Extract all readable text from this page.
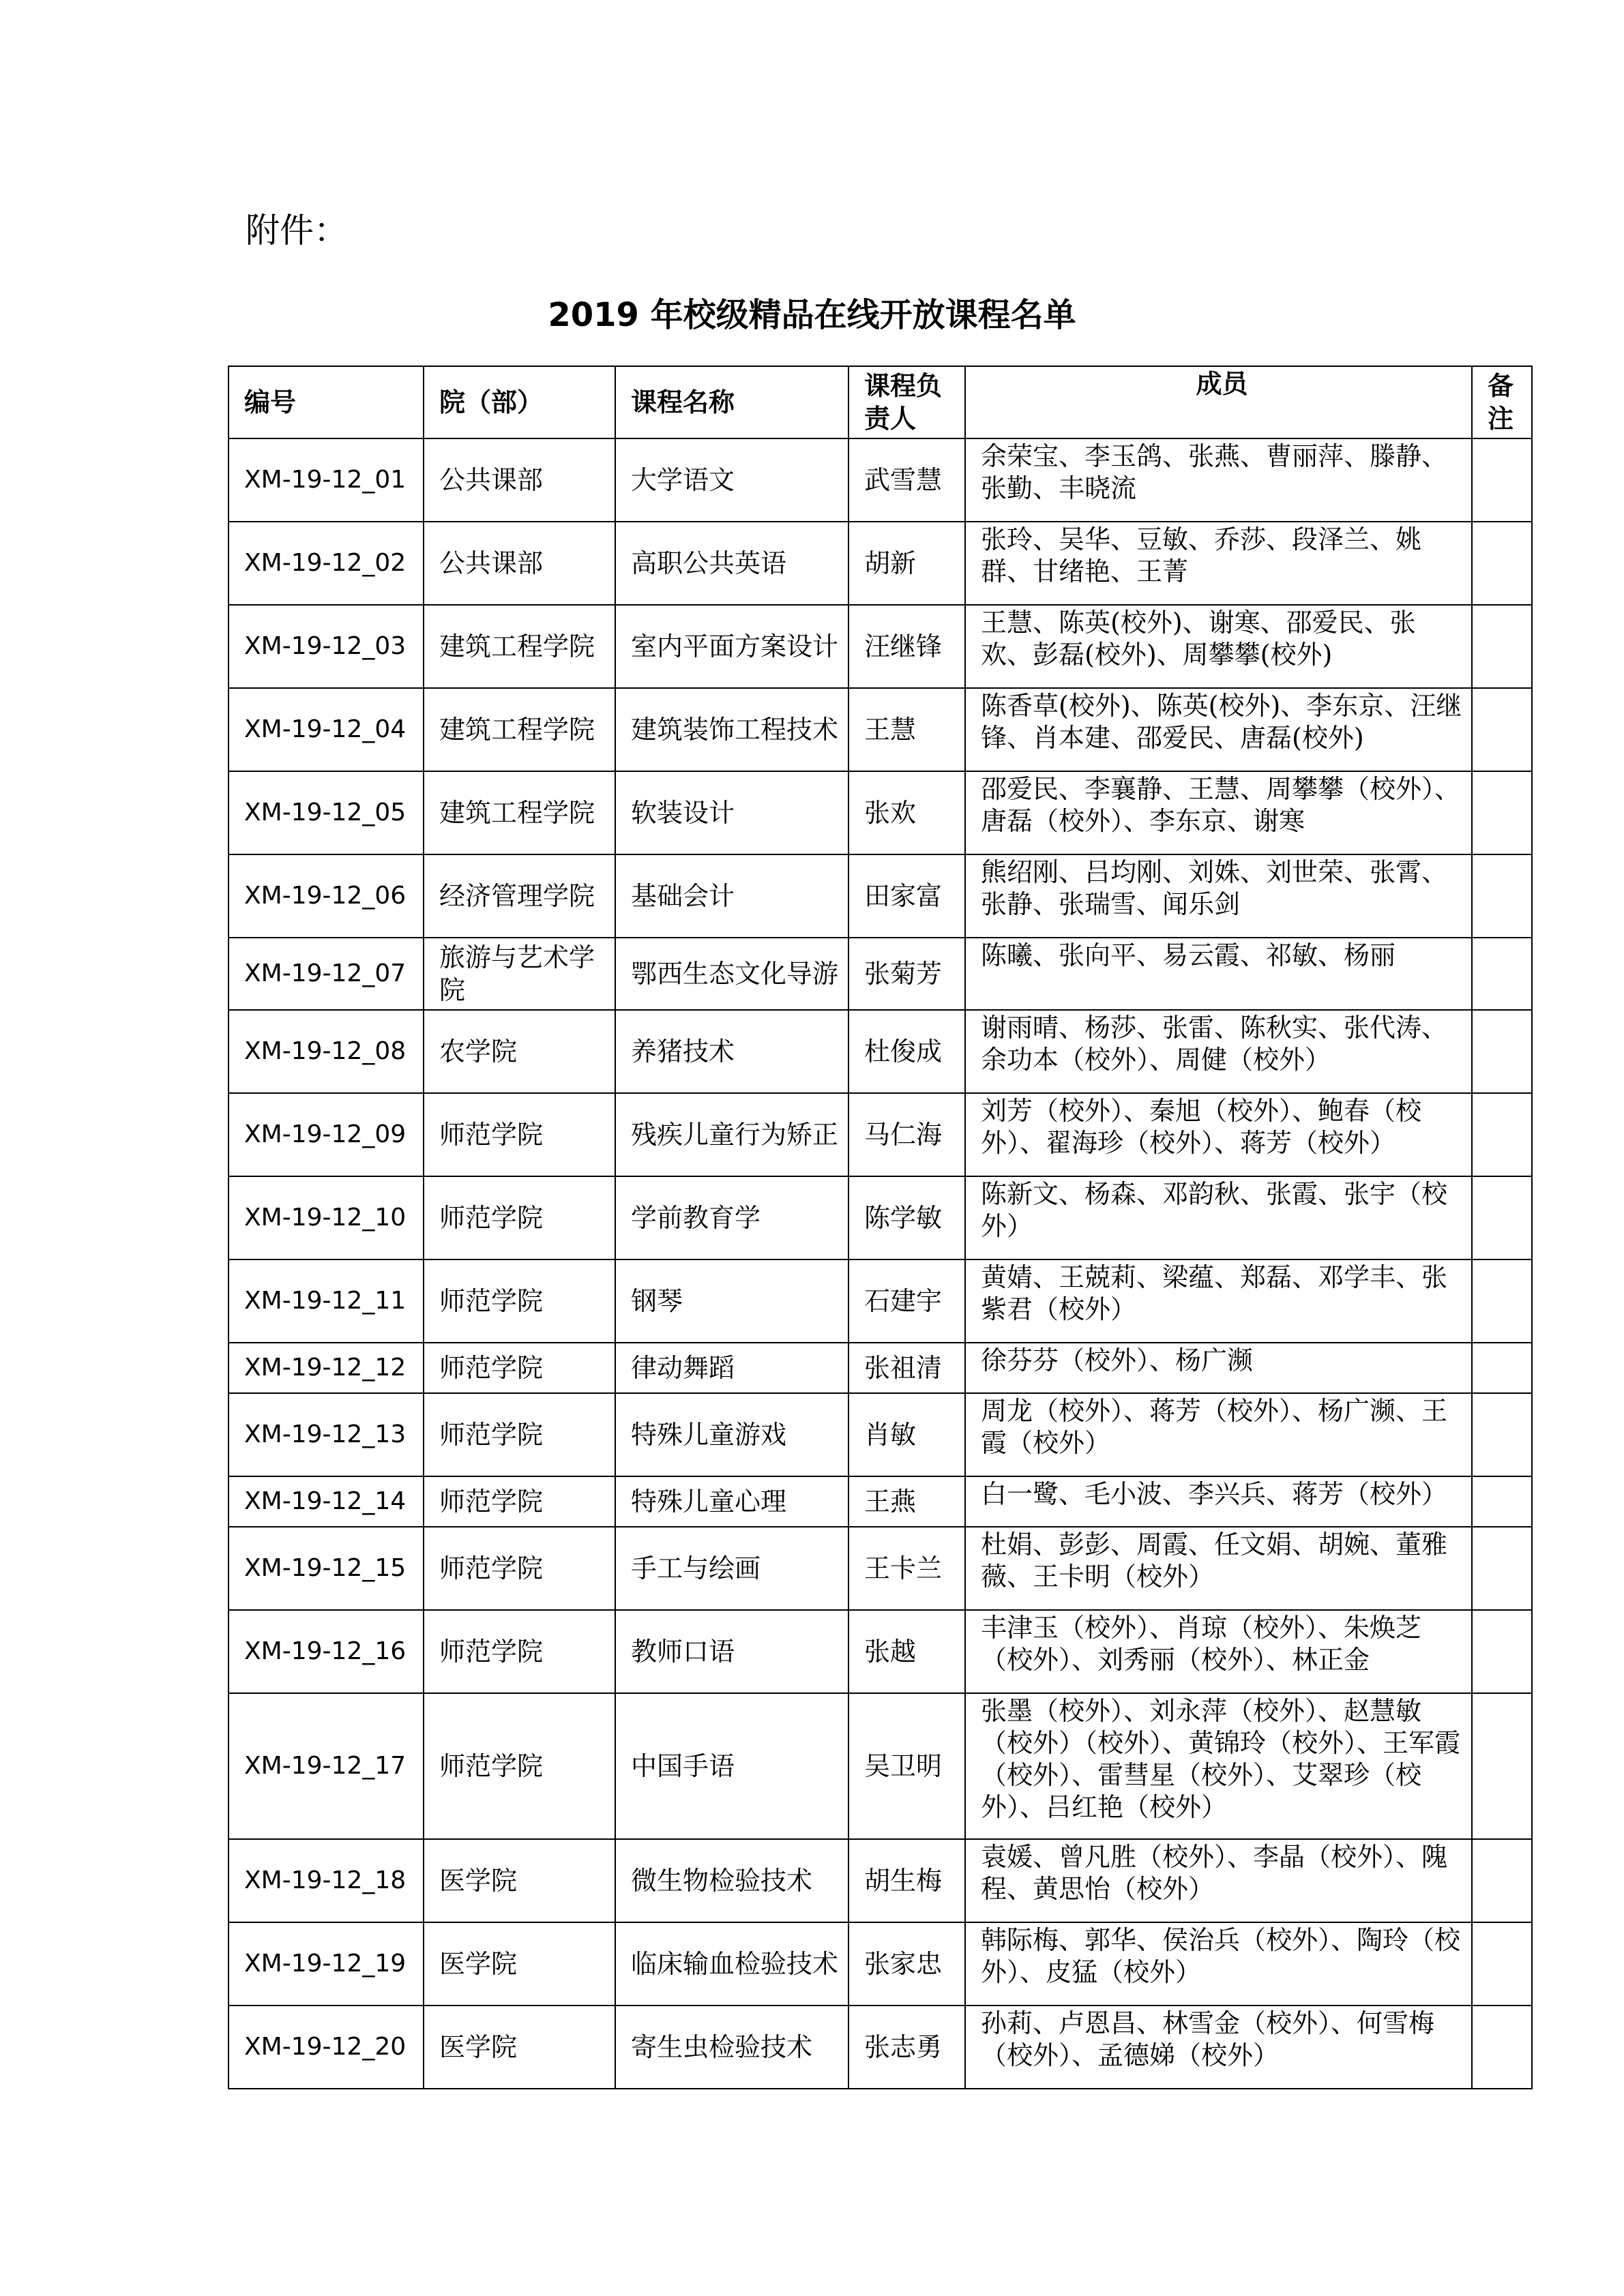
附件：
2019 年校级精品在线开放课程名单
编号	院（部）	课程名称	课程负责人	成员	备注
XM-19-12_01	公共课部	大学语文	武雪慧	余荣宝、李玉鸽、张燕、曹丽萍、滕静、张勤、丰晓流	
XM-19-12_02	公共课部	高职公共英语	胡新	张玲、吴华、豆敏、乔莎、段泽兰、姚群、甘绪艳、王菁	
XM-19-12_03	建筑工程学院	室内平面方案设计	汪继锋	王慧、陈英(校外)、谢寒、邵爱民、张欢、彭磊(校外)、周攀攀(校外)	
XM-19-12_04	建筑工程学院	建筑装饰工程技术	王慧	陈香草(校外)、陈英(校外)、李东京、汪继锋、肖本建、邵爱民、唐磊(校外)	
XM-19-12_05	建筑工程学院	软装设计	张欢	邵爱民、李襄静、王慧、周攀攀（校外）、唐磊（校外）、李东京、谢寒	
XM-19-12_06	经济管理学院	基础会计	田家富	熊绍刚、吕均刚、刘姝、刘世荣、张霄、张静、张瑞雪、闻乐剑	
XM-19-12_07	旅游与艺术学院	鄂西生态文化导游	张菊芳	陈曦、张向平、易云霞、祁敏、杨丽	
XM-19-12_08	农学院	养猪技术	杜俊成	谢雨晴、杨莎、张雷、陈秋实、张代涛、余功本（校外）、周健（校外）	
XM-19-12_09	师范学院	残疾儿童行为矫正	马仁海	刘芳（校外）、秦旭（校外）、鲍春（校外）、翟海珍（校外）、蒋芳（校外）	
XM-19-12_10	师范学院	学前教育学	陈学敏	陈新文、杨森、邓韵秋、张霞、张宇（校外）	
XM-19-12_11	师范学院	钢琴	石建宇	黄婧、王兢莉、梁蕴、郑磊、邓学丰、张紫君（校外）	
XM-19-12_12	师范学院	律动舞蹈	张祖清	徐芬芬（校外）、杨广濒	
XM-19-12_13	师范学院	特殊儿童游戏	肖敏	周龙（校外）、蒋芳（校外）、杨广濒、王霞（校外）	
XM-19-12_14	师范学院	特殊儿童心理	王燕	白一鹭、毛小波、李兴兵、蒋芳（校外）	
XM-19-12_15	师范学院	手工与绘画	王卡兰	杜娟、彭彭、周霞、任文娟、胡婉、董雅薇、王卡明（校外）	
XM-19-12_16	师范学院	教师口语	张越	丰津玉（校外）、肖琼（校外）、朱焕芝（校外）、刘秀丽（校外）、林正金	
XM-19-12_17	师范学院	中国手语	吴卫明	张墨（校外）、刘永萍（校外）、赵慧敏（校外）（校外）、黄锦玲（校外）、王军霞（校外）、雷彗星（校外）、艾翠珍（校外）、吕红艳（校外）	
XM-19-12_18	医学院	微生物检验技术	胡生梅	袁媛、曾凡胜（校外）、李晶（校外）、隗程、黄思怡（校外）	
XM-19-12_19	医学院	临床输血检验技术	张家忠	韩际梅、郭华、侯治兵（校外）、陶玲（校外）、皮猛（校外）	
XM-19-12_20	医学院	寄生虫检验技术	张志勇	孙莉、卢恩昌、林雪金（校外）、何雪梅（校外）、孟德娣（校外）	
